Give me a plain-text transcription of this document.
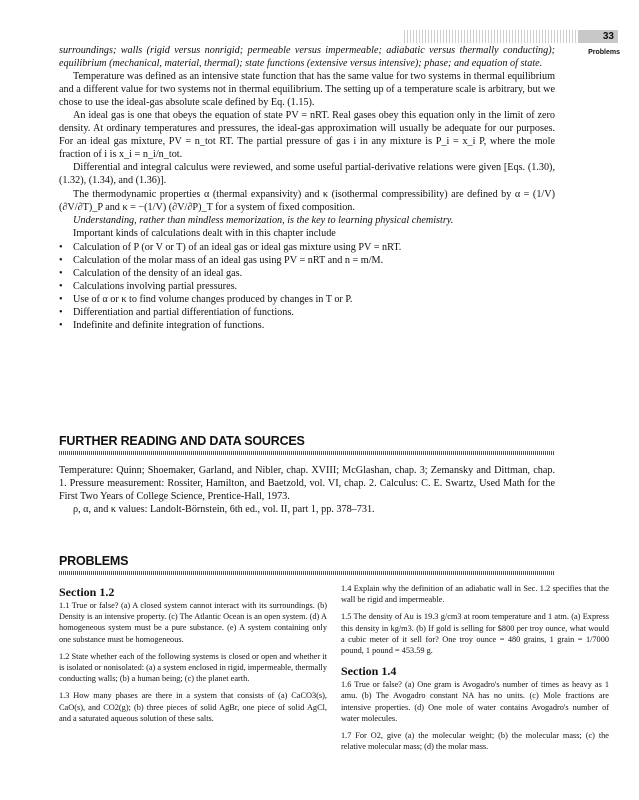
33
Problems

surroundings; walls (rigid versus nonrigid; permeable versus impermeable; adiabatic versus thermally conducting); equilibrium (mechanical, material, thermal); state functions (extensive versus intensive); phase; and equation of state.

Temperature was defined as an intensive state function that has the same value for two systems in thermal equilibrium and a different value for two systems not in thermal equilibrium. The setting up of a temperature scale is arbitrary, but we chose to use the ideal-gas absolute scale defined by Eq. (1.15).

An ideal gas is one that obeys the equation of state PV = nRT. Real gases obey this equation only in the limit of zero density. At ordinary temperatures and pressures, the ideal-gas approximation will usually be adequate for our purposes. For an ideal gas mixture, PV = n_tot RT. The partial pressure of gas i in any mixture is P_i = x_i P, where the mole fraction of i is x_i = n_i/n_tot.

Differential and integral calculus were reviewed, and some useful partial-derivative relations were given [Eqs. (1.30), (1.32), (1.34), and (1.36)].

The thermodynamic properties α (thermal expansivity) and κ (isothermal compressibility) are defined by α = (1/V) (∂V/∂T)_P and κ = −(1/V) (∂V/∂P)_T for a system of fixed composition.

Understanding, rather than mindless memorization, is the key to learning physical chemistry.

Important kinds of calculations dealt with in this chapter include

• Calculation of P (or V or T) of an ideal gas or ideal gas mixture using PV = nRT.
• Calculation of the molar mass of an ideal gas using PV = nRT and n = m/M.
• Calculation of the density of an ideal gas.
• Calculations involving partial pressures.
• Use of α or κ to find volume changes produced by changes in T or P.
• Differentiation and partial differentiation of functions.
• Indefinite and definite integration of functions.
FURTHER READING AND DATA SOURCES

Temperature: Quinn; Shoemaker, Garland, and Nibler, chap. XVIII; McGlashan, chap. 3; Zemansky and Dittman, chap. 1. Pressure measurement: Rossiter, Hamilton, and Baetzold, vol. VI, chap. 2. Calculus: C. E. Swartz, Used Math for the First Two Years of College Science, Prentice-Hall, 1973.

ρ, α, and κ values: Landolt-Börnstein, 6th ed., vol. II, part 1, pp. 378–731.

PROBLEMS
Section 1.2

1.1 True or false? (a) A closed system cannot interact with its surroundings. (b) Density is an intensive property. (c) The Atlantic Ocean is an open system. (d) A homogeneous system must be a pure substance. (e) A system containing only one substance must be homogeneous.

1.2 State whether each of the following systems is closed or open and whether it is isolated or nonisolated: (a) a system enclosed in rigid, impermeable, thermally conducting walls; (b) a human being; (c) the planet earth.

1.3 How many phases are there in a system that consists of (a) CaCO3(s), CaO(s), and CO2(g); (b) three pieces of solid AgBr, one piece of solid AgCl, and a saturated aqueous solution of these salts.

1.4 Explain why the definition of an adiabatic wall in Sec. 1.2 specifies that the wall be rigid and impermeable.

1.5 The density of Au is 19.3 g/cm3 at room temperature and 1 atm. (a) Express this density in kg/m3. (b) If gold is selling for $800 per troy ounce, what would a cubic meter of it sell for? One troy ounce = 480 grains, 1 grain = 1/7000 pound, 1 pound = 453.59 g.

Section 1.4

1.6 True or false? (a) One gram is Avogadro's number of times as heavy as 1 amu. (b) The Avogadro constant NA has no units. (c) Mole fractions are intensive properties. (d) One mole of water contains Avogadro's number of water molecules.

1.7 For O2, give (a) the molecular weight; (b) the molecular mass; (c) the relative molecular mass; (d) the molar mass.
